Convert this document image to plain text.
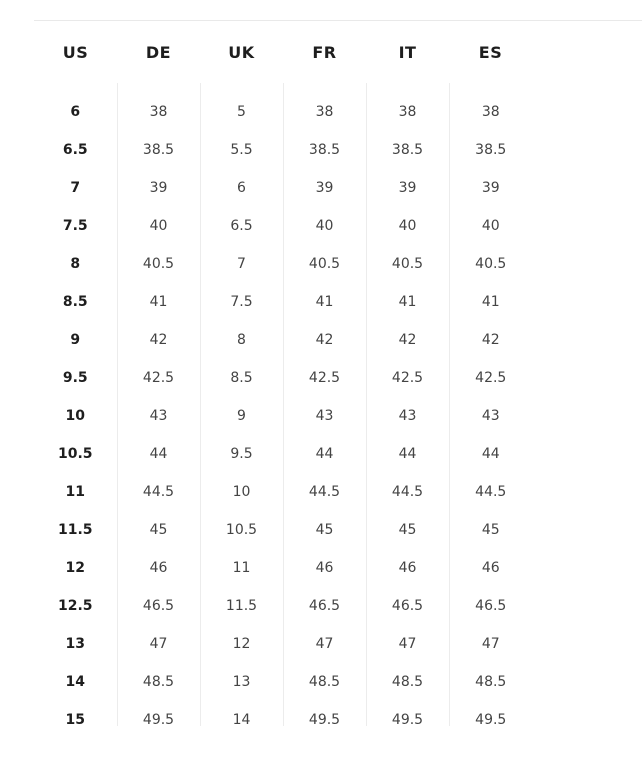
US	DE	UK	FR	IT	ES

6	38	5	38	38	38
6.5	38.5	5.5	38.5	38.5	38.5
7	39	6	39	39	39
7.5	40	6.5	40	40	40
8	40.5	7	40.5	40.5	40.5
8.5	41	7.5	41	41	41
9	42	8	42	42	42
9.5	42.5	8.5	42.5	42.5	42.5
10	43	9	43	43	43
10.5	44	9.5	44	44	44
11	44.5	10	44.5	44.5	44.5
11.5	45	10.5	45	45	45
12	46	11	46	46	46
12.5	46.5	11.5	46.5	46.5	46.5
13	47	12	47	47	47
14	48.5	13	48.5	48.5	48.5
15	49.5	14	49.5	49.5	49.5
